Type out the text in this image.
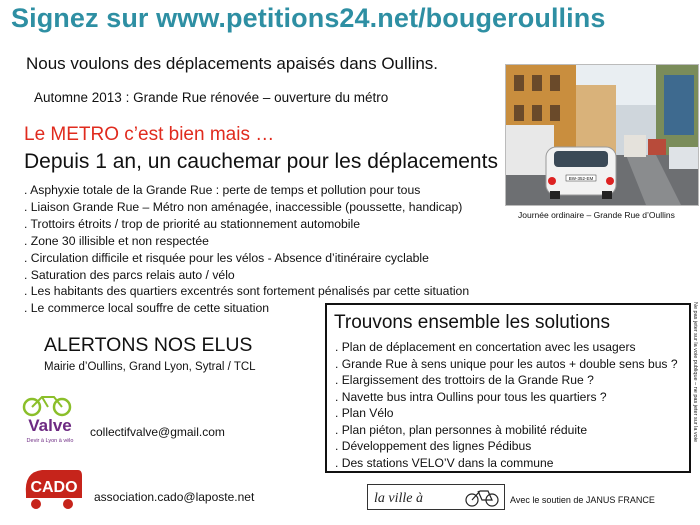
Signez sur www.petitions24.net/bougeroullins
Nous voulons des déplacements apaisés dans Oullins.
Automne 2013 : Grande Rue rénovée – ouverture du métro
Le METRO c’est bien mais …
Depuis 1 an, un cauchemar pour les déplacements
. Asphyxie totale de la Grande Rue : perte de temps et pollution pour tous
. Liaison Grande Rue – Métro non aménagée, inaccessible (poussette, handicap)
. Trottoirs étroits / trop de priorité au stationnement automobile
. Zone 30 illisible et non respectée
. Circulation difficile et risquée pour les vélos - Absence d’itinéraire cyclable
. Saturation des parcs relais auto / vélo
. Les habitants des quartiers excentrés sont fortement pénalisés par cette situation
. Le commerce local souffre de cette situation
BW-352-EM
Journée ordinaire – Grande Rue d’Oullins
Trouvons ensemble les solutions
. Plan de déplacement en concertation avec les usagers
. Grande Rue à sens unique pour les autos + double sens bus ?
. Elargissement des trottoirs de la Grande Rue ?
. Navette bus intra Oullins pour tous les quartiers ?
. Plan Vélo
. Plan piéton, plan personnes à mobilité réduite
. Développement des lignes Pédibus
. Des stations VELO’V dans la commune
ALERTONS NOS ELUS
Mairie d’Oullins, Grand Lyon, Sytral / TCL
Valve
Devir à Lyon à vélo
collectifvalve@gmail.com
CADO
association.cado@laposte.net	la ville à	Avec le soutien de JANUS FRANCE
Ne pas jeter sur la voie publique – ne pas jeter sur la voie
